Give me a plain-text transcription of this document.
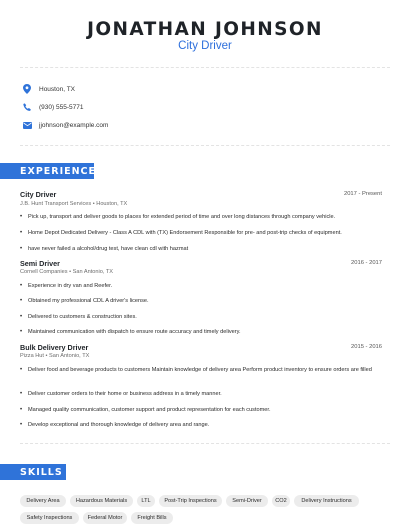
JONATHAN JOHNSON
City Driver
Houston, TX
(930) 555-5771
jjohnson@example.com
EXPERIENCE
City Driver	2017 - Present
J.B. Hunt Transport Services • Houston, TX
•	Pick up, transport and deliver goods to places for extended period of time and over long distances through company vehicle.
•	Home Depot Dedicated Delivery - Class A CDL with (TX) Endorsement Responsible for pre- and post-trip checks of equipment.
•	have never failed a alcohol/drug test, have clean cdl with hazmat
Semi Driver	2016 - 2017
Cornell Companies • San Antonio, TX
•	Experience in dry van and Reefer.
•	Obtained my professional CDL A driver's license.
•	Delivered to customers & construction sites.
•	Maintained communication with dispatch to ensure route accuracy and timely delivery.
Bulk Delivery Driver	2015 - 2016
Pizza Hut • San Antonio, TX
•	Deliver food and beverage products to customers Maintain knowledge of delivery area Perform product inventory to ensure orders are filled
•	Deliver customer orders to their home or business address in a timely manner.
•	Managed quality communication, customer support and product representation for each customer.
•	Develop exceptional and thorough knowledge of delivery area and range.
SKILLS
Delivery Area	Hazardous Materials	LTL	Post-Trip Inspections	Semi-Driver	CO2	Delivery Instructions
Safety Inspections	Federal Motor	Freight Bills
